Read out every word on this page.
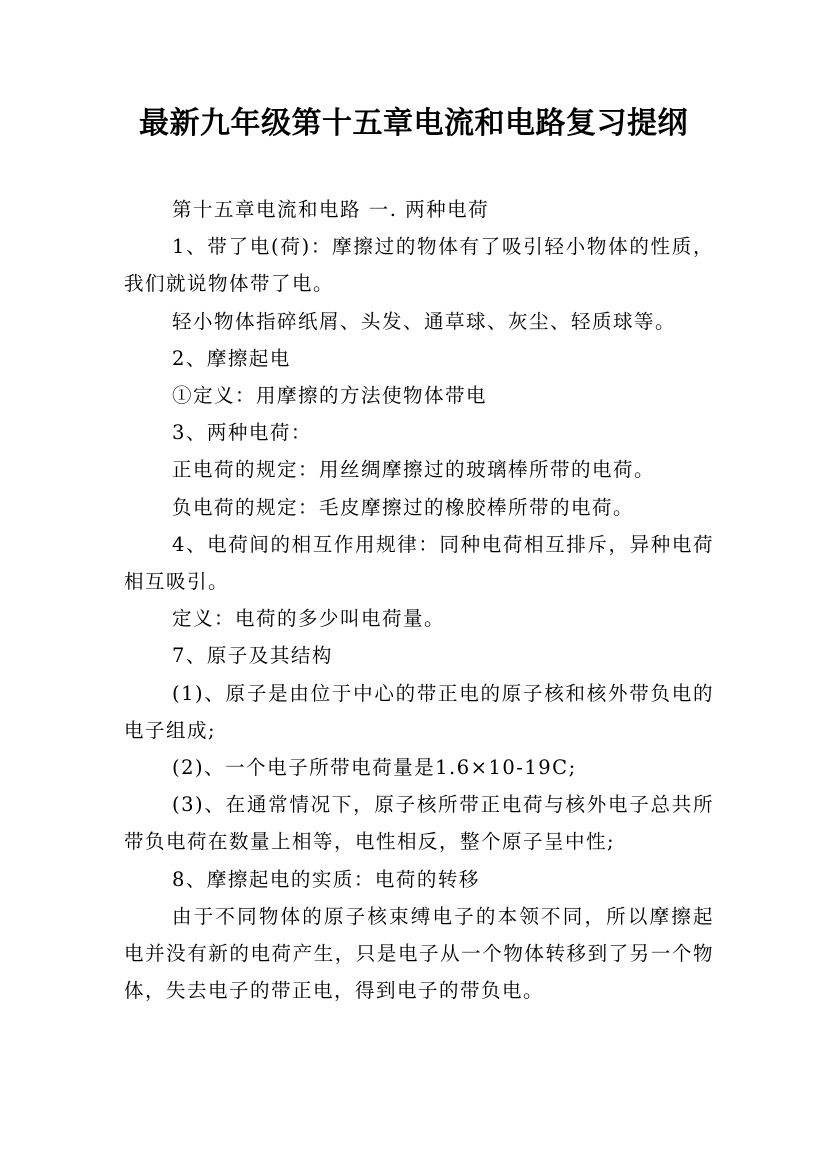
最新九年级第十五章电流和电路复习提纲

第十五章电流和电路 一. 两种电荷

1、带了电(荷)：摩擦过的物体有了吸引轻小物体的性质，我们就说物体带了电。

轻小物体指碎纸屑、头发、通草球、灰尘、轻质球等。

2、摩擦起电

①定义：用摩擦的方法使物体带电

3、两种电荷：

正电荷的规定：用丝绸摩擦过的玻璃棒所带的电荷。

负电荷的规定：毛皮摩擦过的橡胶棒所带的电荷。

4、电荷间的相互作用规律：同种电荷相互排斥，异种电荷相互吸引。

定义：电荷的多少叫电荷量。

7、原子及其结构

(1)、原子是由位于中心的带正电的原子核和核外带负电的电子组成;

(2)、一个电子所带电荷量是1.6×10-19C;

(3)、在通常情况下，原子核所带正电荷与核外电子总共所带负电荷在数量上相等，电性相反，整个原子呈中性;

8、摩擦起电的实质：电荷的转移

由于不同物体的原子核束缚电子的本领不同，所以摩擦起电并没有新的电荷产生，只是电子从一个物体转移到了另一个物体，失去电子的带正电，得到电子的带负电。
